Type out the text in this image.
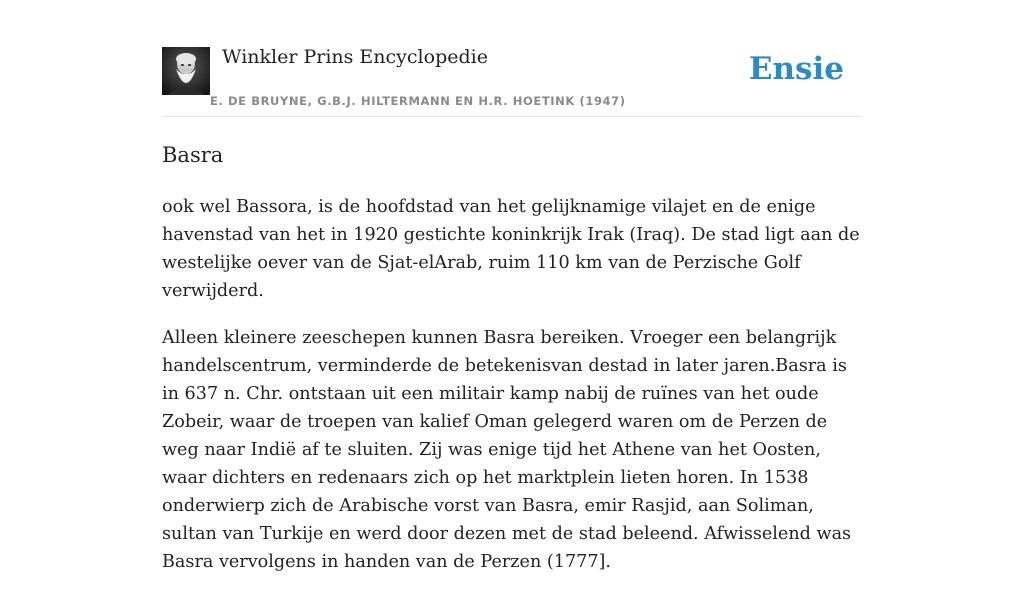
Winkler Prins Encyclopedie
E. DE BRUYNE, G.B.J. HILTERMANN EN H.R. HOETINK (1947)
Ensie
Basra

ook wel Bassora, is de hoofdstad van het gelijknamige vilajet en de enige havenstad van het in 1920 gestichte koninkrijk Irak (Iraq). De stad ligt aan de westelijke oever van de Sjat-elArab, ruim 110 km van de Perzische Golf verwijderd.

Alleen kleinere zeeschepen kunnen Basra bereiken. Vroeger een belangrijk handelscentrum, verminderde de betekenisvan destad in later jaren.Basra is in 637 n. Chr. ontstaan uit een militair kamp nabij de ruïnes van het oude Zobeir, waar de troepen van kalief Oman gelegerd waren om de Perzen de weg naar Indië af te sluiten. Zij was enige tijd het Athene van het Oosten, waar dichters en redenaars zich op het marktplein lieten horen. In 1538 onderwierp zich de Arabische vorst van Basra, emir Rasjid, aan Soliman, sultan van Turkije en werd door dezen met de stad beleend. Afwisselend was Basra vervolgens in handen van de Perzen (1777].
